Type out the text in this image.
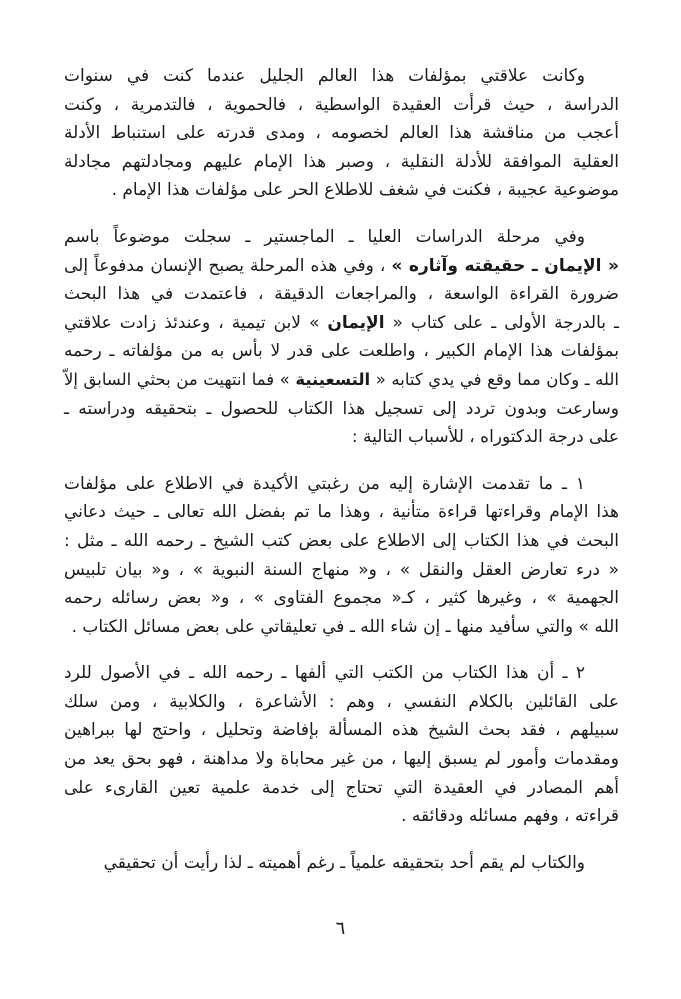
وكانت علاقتي بمؤلفات هذا العالم الجليل عندما كنت في سنوات
الدراسة ، حيث قرأت العقيدة الواسطية ، فالحموية ، فالتدمرية ، وكنت
أعجب من مناقشة هذا العالم لخصومه ، ومدى قدرته على استنباط الأدلة
العقلية الموافقة للأدلة النقلية ، وصبر هذا الإمام عليهم ومجادلتهم مجادلة
موضوعية عجيبة ، فكنت في شغف للاطلاع الحر على مؤلفات هذا الإمام .
وفي مرحلة الدراسات العليا ـ الماجستير ـ سجلت موضوعاً باسم
« الإيمان ـ حقيقته وآثاره » ، وفي هذه المرحلة يصبح الإنسان مدفوعاً إلى
ضرورة القراءة الواسعة ، والمراجعات الدقيقة ، فاعتمدت في هذا البحث
ـ بالدرجة الأولى ـ على كتاب « الإيمان » لابن تيمية ، وعندئذ زادت علاقتي
بمؤلفات هذا الإمام الكبير ، واطلعت على قدر لا بأس به من مؤلفاته ـ رحمه
الله ـ وكان مما وقع في يدي كتابه « التسعينية » فما انتهيت من بحثي السابق إلاّ
وسارعت وبدون تردد إلى تسجيل هذا الكتاب للحصول ـ بتحقيقه ودراسته ـ
على درجة الدكتوراه ، للأسباب التالية :
١ ـ ما تقدمت الإشارة إليه من رغبتي الأكيدة في الاطلاع على مؤلفات
هذا الإمام وقراءتها قراءة متأنية ، وهذا ما تم بفضل الله تعالى ـ حيث دعاني
البحث في هذا الكتاب إلى الاطلاع على بعض كتب الشيخ ـ رحمه الله ـ مثل :
« درء تعارض العقل والنقل » ، و« منهاج السنة النبوية » ، و« بيان تلبيس
الجهمية » ، وغيرها كثير ، كـ« مجموع الفتاوى » ، و« بعض رسائله رحمه
الله » والتي سأفيد منها ـ إن شاء الله ـ في تعليقاتي على بعض مسائل الكتاب .
٢ ـ أن هذا الكتاب من الكتب التي ألفها ـ رحمه الله ـ في الأصول للرد
على القائلين بالكلام النفسي ، وهم : الأشاعرة ، والكلابية ، ومن سلك
سبيلهم ، فقد بحث الشيخ هذه المسألة بإفاضة وتحليل ، واحتج لها ببراهين
ومقدمات وأمور لم يسبق إليها ، من غير محاباة ولا مداهنة ، فهو بحق يعد من
أهم المصادر في العقيدة التي تحتاج إلى خدمة علمية تعين القارىء على
قراءته ، وفهم مسائله ودقائقه .
والكتاب لم يقم أحد بتحقيقه علمياً ـ رغم أهميته ـ لذا رأيت أن تحقيقي
٦
